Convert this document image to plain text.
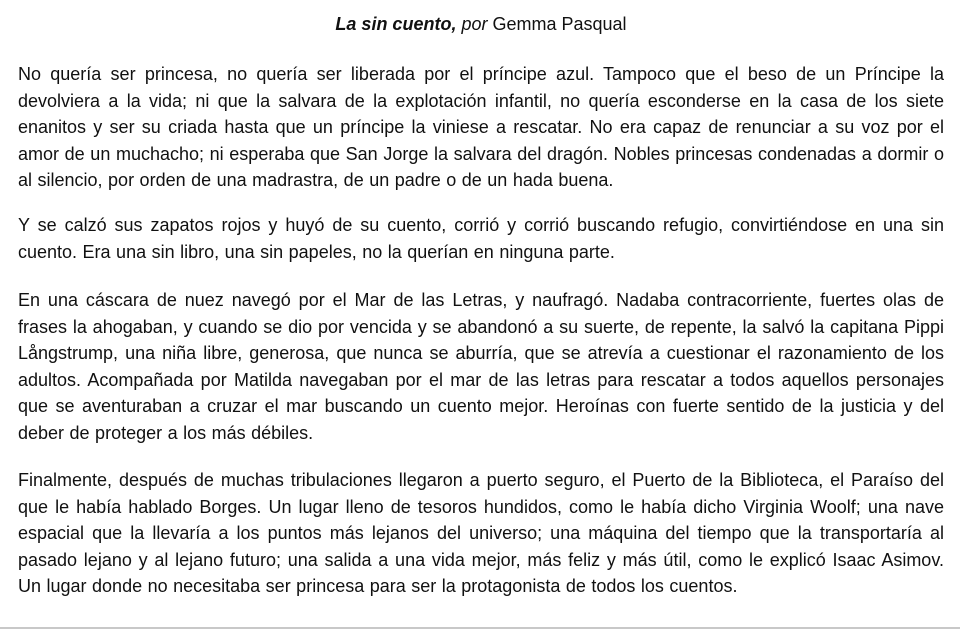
La sin cuento, por Gemma Pasqual

No quería ser princesa, no quería ser liberada por el príncipe azul. Tampoco que el beso de un Príncipe la devolviera a la vida; ni que la salvara de la explotación infantil, no quería esconderse en la casa de los siete enanitos y ser su criada hasta que un príncipe la viniese a rescatar. No era capaz de renunciar a su voz por el amor de un muchacho; ni esperaba que San Jorge la salvara del dragón. Nobles princesas condenadas a dormir o al silencio, por orden de una madrastra, de un padre o de un hada buena.

Y se calzó sus zapatos rojos y huyó de su cuento, corrió y corrió buscando refugio, convirtiéndose en una sin cuento. Era una sin libro, una sin papeles, no la querían en ninguna parte.

En una cáscara de nuez navegó por el Mar de las Letras, y naufragó. Nadaba contracorriente, fuertes olas de frases la ahogaban, y cuando se dio por vencida y se abandonó a su suerte, de repente, la salvó la capitana Pippi Långstrump, una niña libre, generosa, que nunca se aburría, que se atrevía a cuestionar el razonamiento de los adultos. Acompañada por Matilda navegaban por el mar de las letras para rescatar a todos aquellos personajes que se aventuraban a cruzar el mar buscando un cuento mejor. Heroínas con fuerte sentido de la justicia y del deber de proteger a los más débiles.

Finalmente, después de muchas tribulaciones llegaron a puerto seguro, el Puerto de la Biblioteca, el Paraíso del que le había hablado Borges. Un lugar lleno de tesoros hundidos, como le había dicho Virginia Woolf; una nave espacial que la llevaría a los puntos más lejanos del universo; una máquina del tiempo que la transportaría al pasado lejano y al lejano futuro; una salida a una vida mejor, más feliz y más útil, como le explicó Isaac Asimov. Un lugar donde no necesitaba ser princesa para ser la protagonista de todos los cuentos.
